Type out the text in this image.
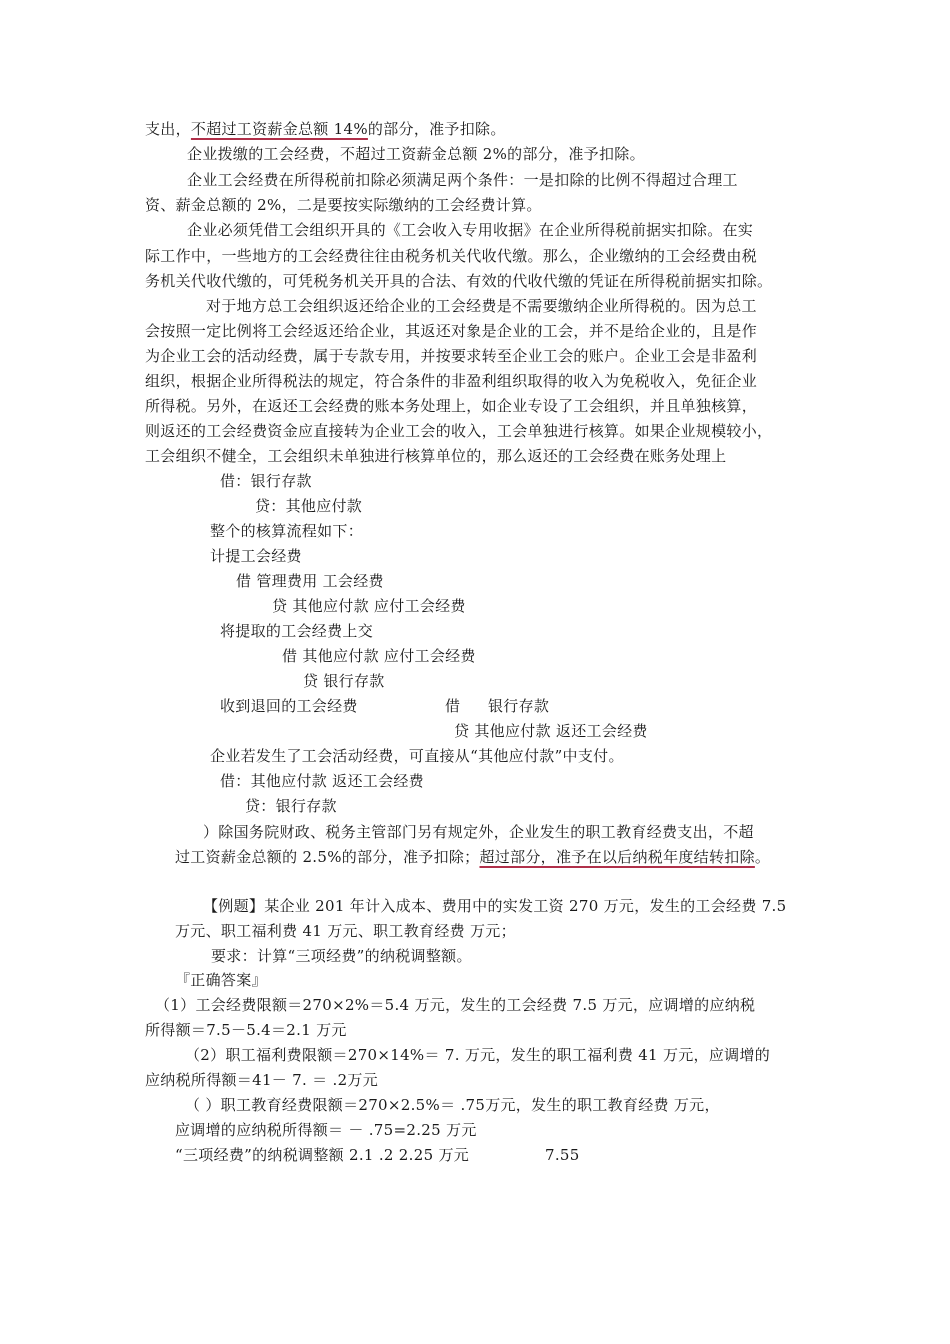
支出，不超过工资薪金总额 14%的部分，准予扣除。
企业拨缴的工会经费，不超过工资薪金总额 2%的部分，准予扣除。
企业工会经费在所得税前扣除必须满足两个条件：一是扣除的比例不得超过合理工
资、薪金总额的 2%，二是要按实际缴纳的工会经费计算。
企业必须凭借工会组织开具的《工会收入专用收据》在企业所得税前据实扣除。在实
际工作中，一些地方的工会经费往往由税务机关代收代缴。那么，企业缴纳的工会经费由税
务机关代收代缴的，可凭税务机关开具的合法、有效的代收代缴的凭证在所得税前据实扣除。
对于地方总工会组织返还给企业的工会经费是不需要缴纳企业所得税的。因为总工
会按照一定比例将工会经返还给企业，其返还对象是企业的工会，并不是给企业的，且是作
为企业工会的活动经费，属于专款专用，并按要求转至企业工会的账户。企业工会是非盈利
组织，根据企业所得税法的规定，符合条件的非盈利组织取得的收入为免税收入，免征企业
所得税。另外，在返还工会经费的账本务处理上，如企业专设了工会组织，并且单独核算，
则返还的工会经费资金应直接转为企业工会的收入，工会单独进行核算。如果企业规模较小，
工会组织不健全，工会组织未单独进行核算单位的，那么返还的工会经费在账务处理上
借：银行存款
贷：其他应付款
整个的核算流程如下：
计提工会经费
借 管理费用 工会经费
贷 其他应付款 应付工会经费
将提取的工会经费上交
借 其他应付款 应付工会经费
贷 银行存款
收到退回的工会经费	借 银行存款
贷 其他应付款 返还工会经费
企业若发生了工会活动经费，可直接从“其他应付款”中支付。
借：其他应付款 返还工会经费
贷：银行存款
）除国务院财政、税务主管部门另有规定外，企业发生的职工教育经费支出，不超
过工资薪金总额的 2.5%的部分，准予扣除；超过部分，准予在以后纳税年度结转扣除。
【例题】某企业 201 年计入成本、费用中的实发工资 270 万元，发生的工会经费 7.5
万元、职工福利费 41 万元、职工教育经费 万元；
要求：计算“三项经费”的纳税调整额。
『正确答案』
（1）工会经费限额＝270×2%＝5.4 万元，发生的工会经费 7.5 万元，应调增的应纳税
所得额＝7.5－5.4＝2.1 万元
（2）职工福利费限额＝270×14%＝ 7. 万元，发生的职工福利费 41 万元，应调增的
应纳税所得额＝41－ 7. ＝ .2万元
（ ）职工教育经费限额＝270×2.5%＝ .75万元，发生的职工教育经费 万元，
应调增的应纳税所得额＝ － .75=2.25 万元
“三项经费”的纳税调整额 2.1 .2 2.25 万元	7.55
